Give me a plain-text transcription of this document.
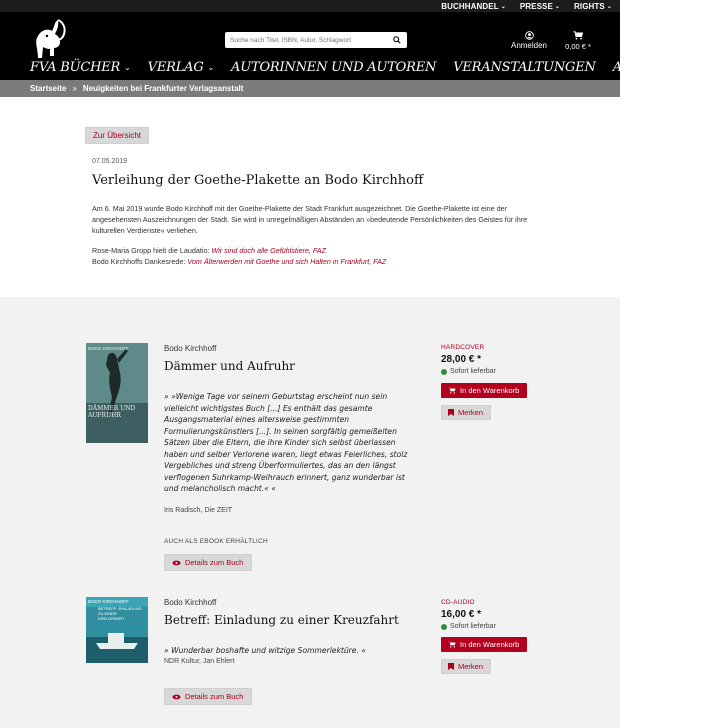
BUCHHANDEL ⌄ PRESSE ⌄ RIGHTS ⌄
Suche nach Titel, ISBN, Autor, Schlagwort
Anmelden	0,00 € *
FVA BÜCHER ⌄ VERLAG ⌄ AUTORINNEN UND AUTOREN VERANSTALTUNGEN AKTUELLES
Startseite » Neuigkeiten bei Frankfurter Verlagsanstalt
Zur Übersicht
07.05.2019
Verleihung der Goethe-Plakette an Bodo Kirchhoff

Am 6. Mai 2019 wurde Bodo Kirchhoff mit der Goethe-Plakette der Stadt Frankfurt ausgezeichnet. Die Goethe-Plakette ist eine der angesehensten Auszeichnungen der Stadt. Sie wird in unregelmäßigen Abständen an »bedeutende Persönlichkeiten des Geistes für ihre kulturellen Verdienste« verliehen.

Rose-Maria Gropp hielt die Laudatio: Wir sind doch alle Gefühlstiere, FAZ
Bodo Kirchhoffs Dankesrede: Vom Älterwerden mit Goethe und sich Halten in Frankfurt, FAZ
BODO KIRCHHOFF
DÄMMER UND AUFRUHR
Bodo Kirchhoff
Dämmer und Aufruhr

» »Wenige Tage vor seinem Geburtstag erscheint nun sein vielleicht wichtigstes Buch [...] Es enthält das gesamte Ausgangsmaterial eines altersweise gestimmten Formulierungskünstlers [...]. In seinen sorgfältig gemeißelten Sätzen über die Eltern, die ihre Kinder sich selbst überlassen haben und selber Verlorene waren, liegt etwas Feierliches, stolz Vergebliches und streng Überformuliertes, das an den längst verflogenen Suhrkamp-Weihrauch erinnert, ganz wunderbar ist und melancholisch macht.« «

Iris Radisch, Die ZEIT
AUCH ALS EBOOK ERHÄLTLICH
Details zum Buch
HARDCOVER
28,00 € *
Sofort lieferbar
In den Warenkorb
Merken
BODO KIRCHHOFF
BETREFF: EINLADUNG ZU EINER KREUZFAHRT
Bodo Kirchhoff
Betreff: Einladung zu einer Kreuzfahrt

» Wunderbar boshafte und witzige Sommerlektüre. «

NDR Kultur, Jan Ehlert
Details zum Buch
CD-AUDIO
16,00 € *
Sofort lieferbar
In den Warenkorb
Merken
